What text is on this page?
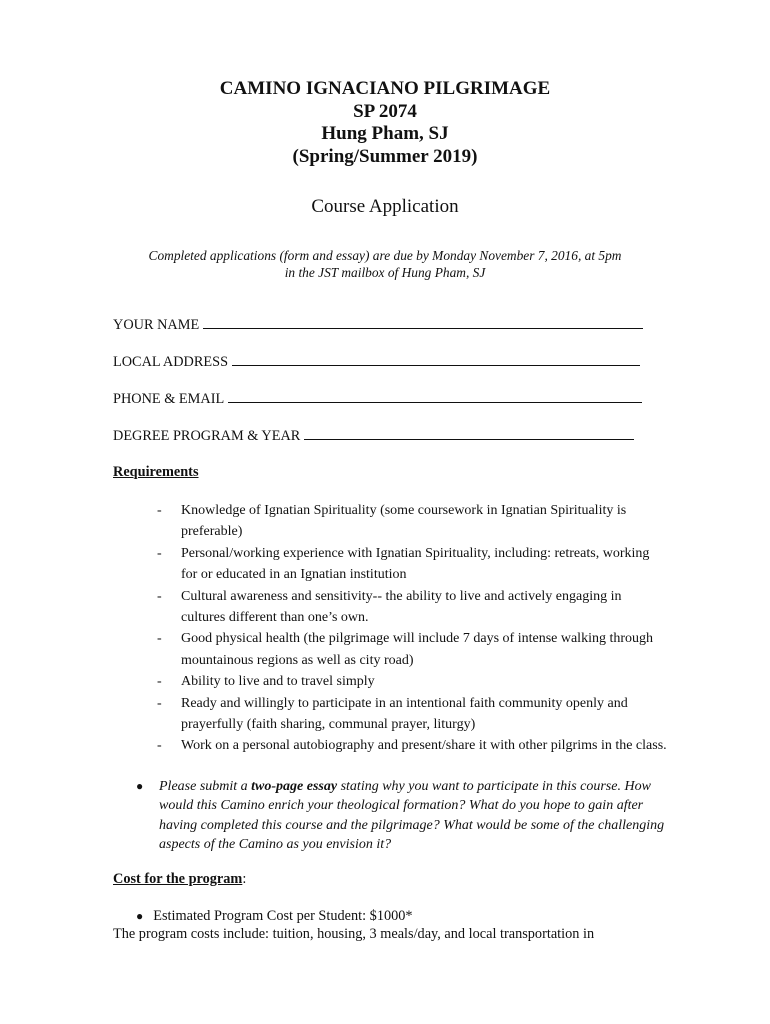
CAMINO IGNACIANO PILGRIMAGE
SP 2074
Hung Pham, SJ
(Spring/Summer 2019)
Course Application
Completed applications (form and essay) are due by Monday November 7, 2016, at 5pm
in the JST mailbox of Hung Pham, SJ
YOUR NAME
LOCAL ADDRESS
PHONE & EMAIL
DEGREE PROGRAM & YEAR
Requirements
- Knowledge of Ignatian Spirituality (some coursework in Ignatian Spirituality is preferable)
- Personal/working experience with Ignatian Spirituality, including: retreats, working for or educated in an Ignatian institution
- Cultural awareness and sensitivity-- the ability to live and actively engaging in cultures different than one’s own.
- Good physical health (the pilgrimage will include 7 days of intense walking through mountainous regions as well as city road)
- Ability to live and to travel simply
- Ready and willingly to participate in an intentional faith community openly and prayerfully (faith sharing, communal prayer, liturgy)
- Work on a personal autobiography and present/share it with other pilgrims in the class.
● Please submit a two-page essay stating why you want to participate in this course. How would this Camino enrich your theological formation? What do you hope to gain after having completed this course and the pilgrimage? What would be some of the challenging aspects of the Camino as you envision it?
Cost for the program:
● Estimated Program Cost per Student: $1000*
The program costs include: tuition, housing, 3 meals/day, and local transportation in
